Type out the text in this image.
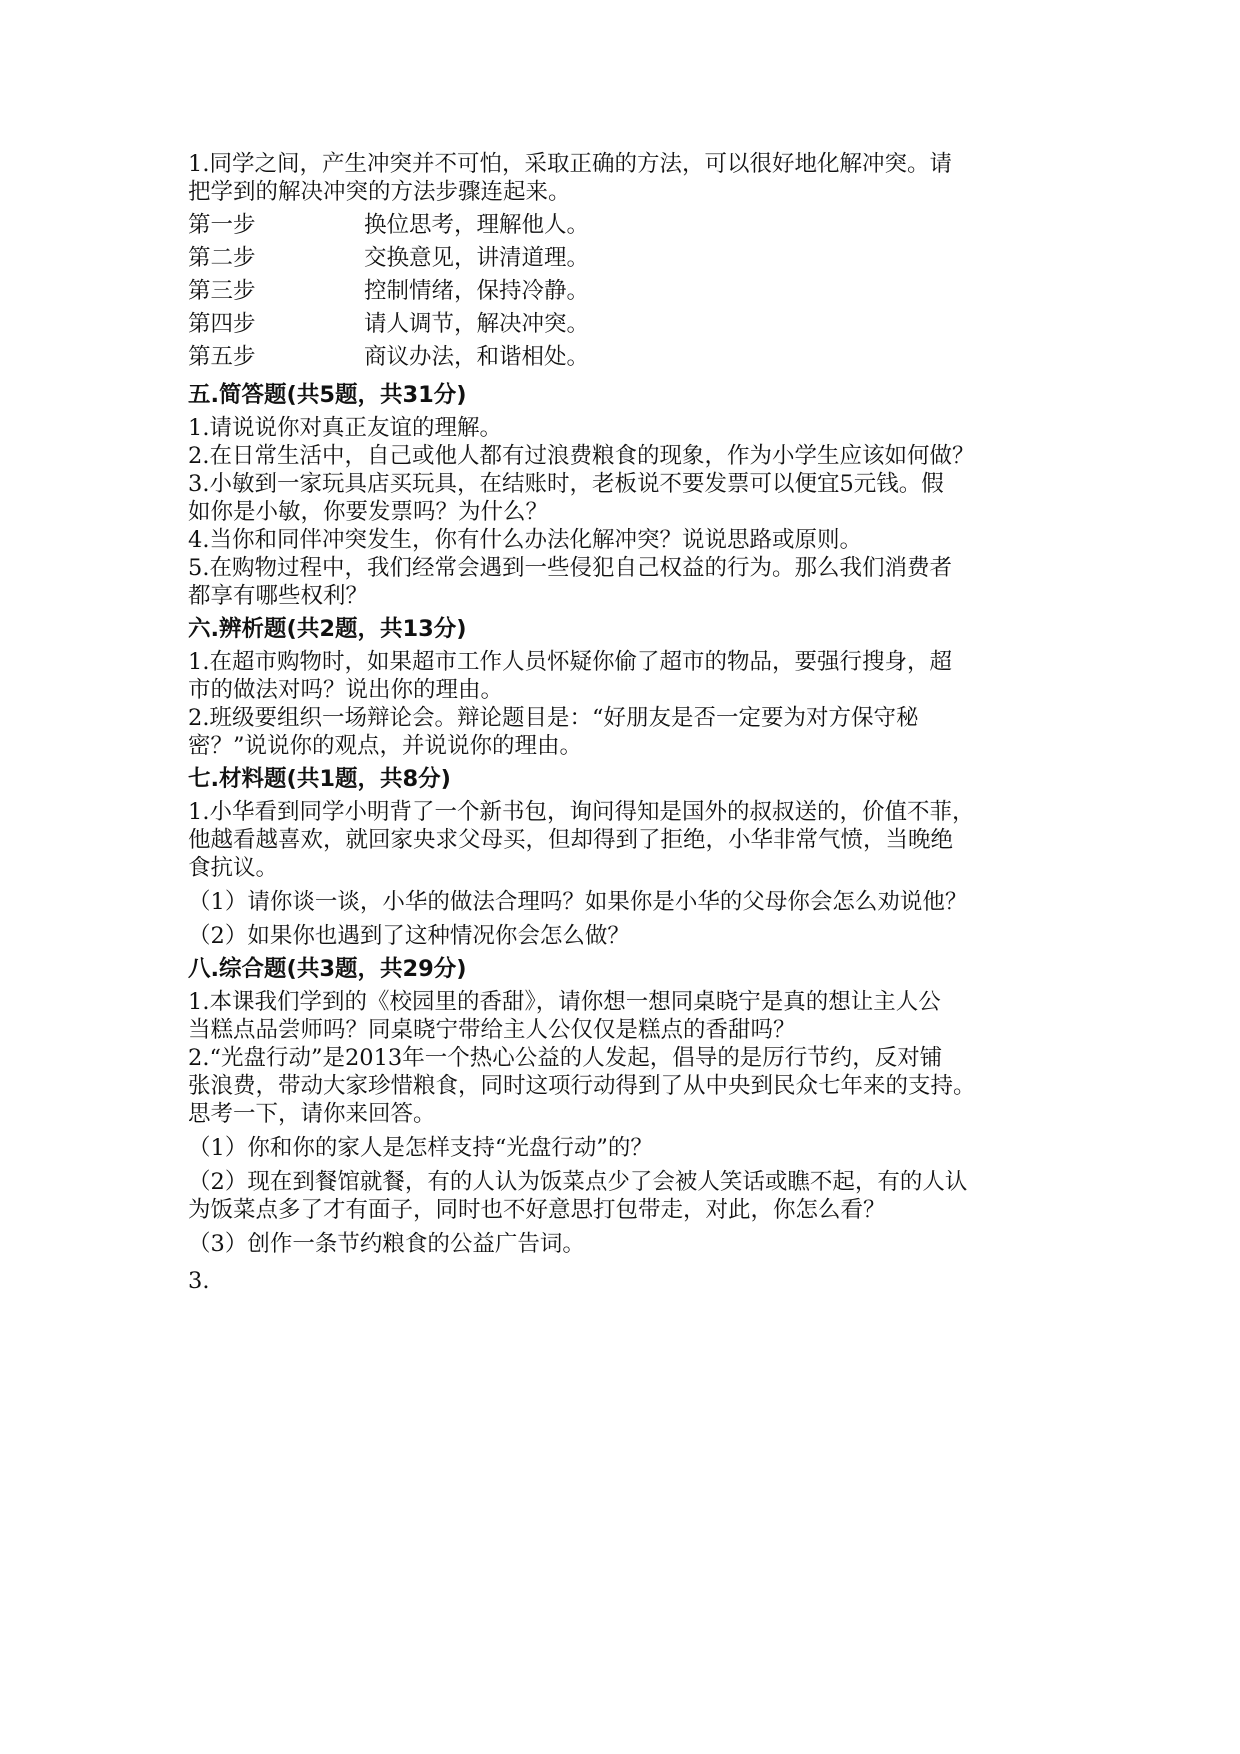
1.同学之间，产生冲突并不可怕，采取正确的方法，可以很好地化解冲突。请
把学到的解决冲突的方法步骤连起来。
第一步	换位思考，理解他人。
第二步	交换意见，讲清道理。
第三步	控制情绪，保持冷静。
第四步	请人调节，解决冲突。
第五步	商议办法，和谐相处。
五.简答题(共5题，共31分)
1.请说说你对真正友谊的理解。
2.在日常生活中，自己或他人都有过浪费粮食的现象，作为小学生应该如何做？
3.小敏到一家玩具店买玩具，在结账时，老板说不要发票可以便宜5元钱。假
如你是小敏，你要发票吗？为什么？
4.当你和同伴冲突发生，你有什么办法化解冲突？说说思路或原则。
5.在购物过程中，我们经常会遇到一些侵犯自己权益的行为。那么我们消费者
都享有哪些权利？
六.辨析题(共2题，共13分)
1.在超市购物时，如果超市工作人员怀疑你偷了超市的物品，要强行搜身，超
市的做法对吗？说出你的理由。
2.班级要组织一场辩论会。辩论题目是：“好朋友是否一定要为对方保守秘
密？”说说你的观点，并说说你的理由。
七.材料题(共1题，共8分)
1.小华看到同学小明背了一个新书包，询问得知是国外的叔叔送的，价值不菲，
他越看越喜欢，就回家央求父母买，但却得到了拒绝，小华非常气愤，当晚绝
食抗议。
（1）请你谈一谈，小华的做法合理吗？如果你是小华的父母你会怎么劝说他？
（2）如果你也遇到了这种情况你会怎么做？
八.综合题(共3题，共29分)
1.本课我们学到的《校园里的香甜》，请你想一想同桌晓宁是真的想让主人公
当糕点品尝师吗？同桌晓宁带给主人公仅仅是糕点的香甜吗？
2.“光盘行动”是2013年一个热心公益的人发起，倡导的是厉行节约，反对铺
张浪费，带动大家珍惜粮食，同时这项行动得到了从中央到民众七年来的支持。
思考一下，请你来回答。
（1）你和你的家人是怎样支持“光盘行动”的？
（2）现在到餐馆就餐，有的人认为饭菜点少了会被人笑话或瞧不起，有的人认
为饭菜点多了才有面子，同时也不好意思打包带走，对此，你怎么看？
（3）创作一条节约粮食的公益广告词。
3.
